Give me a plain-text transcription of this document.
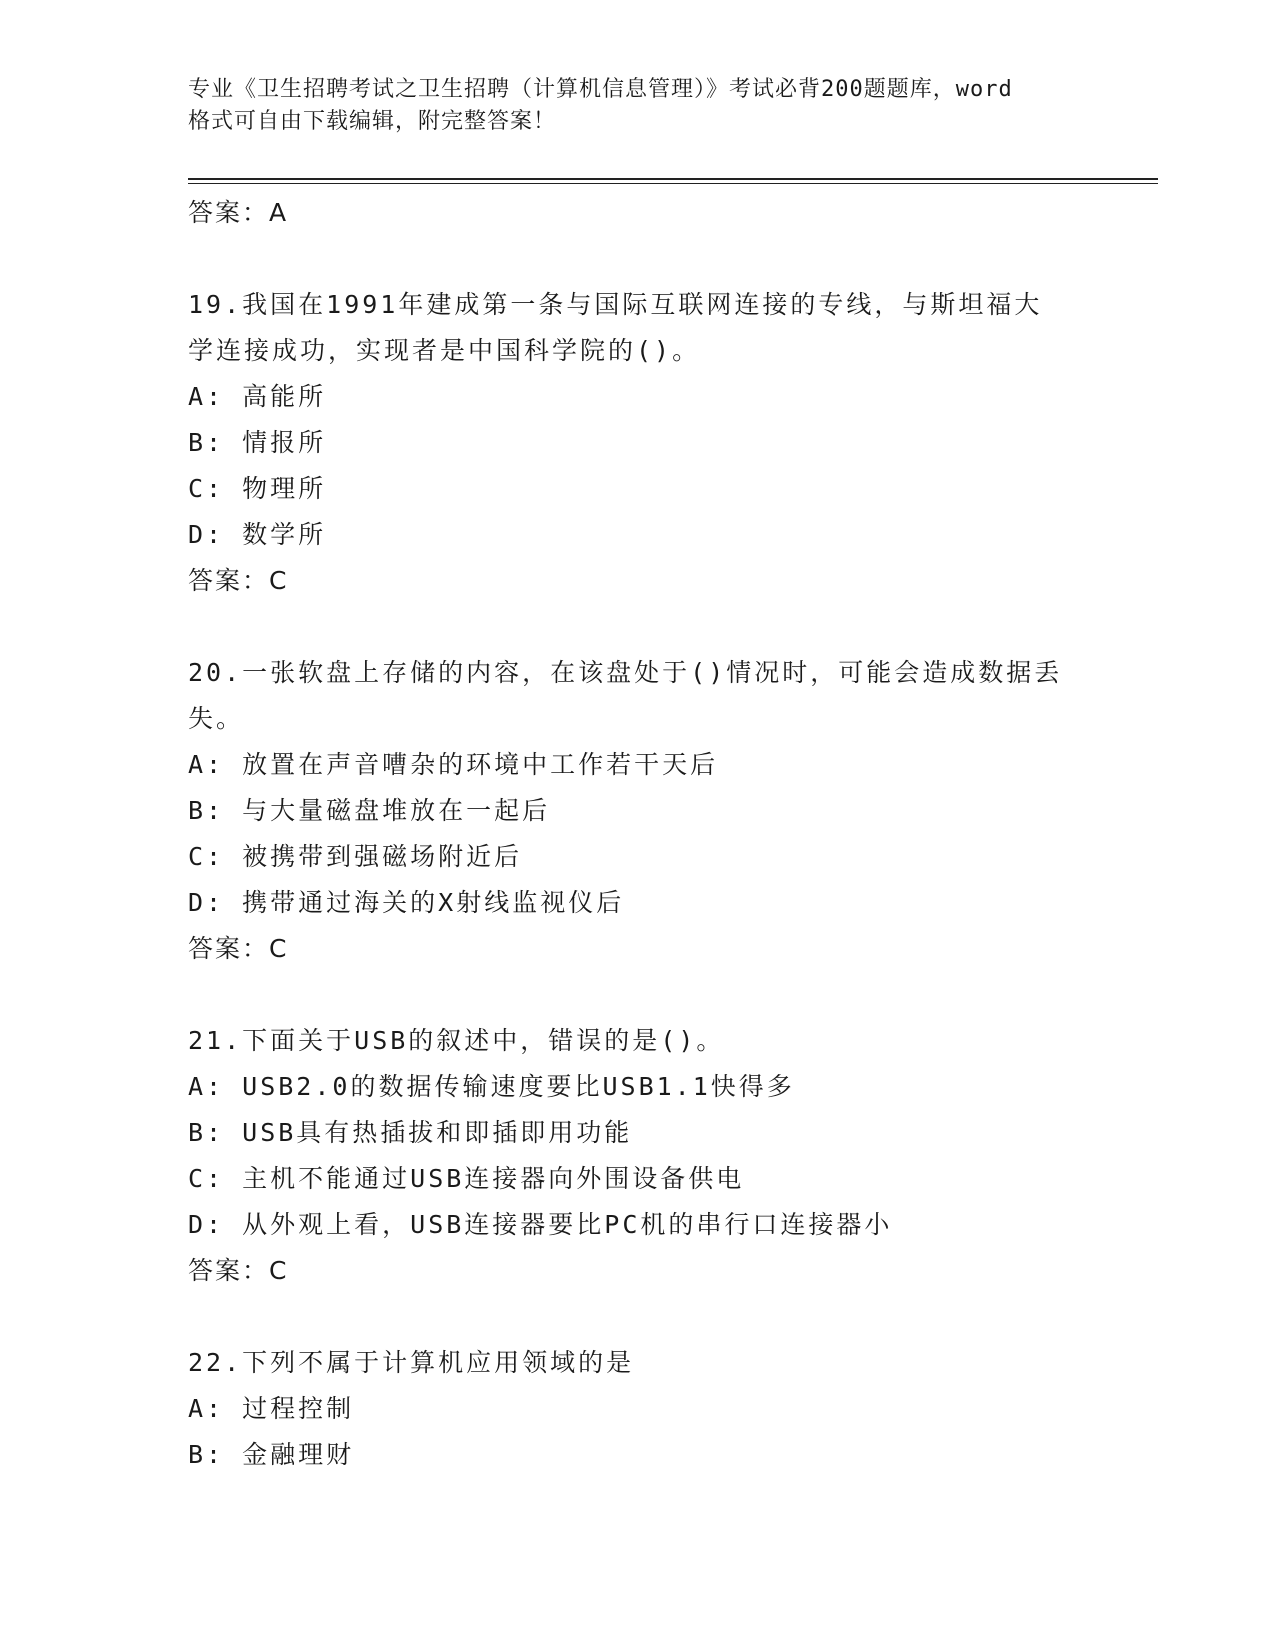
专业《卫生招聘考试之卫生招聘（计算机信息管理）》考试必背200题题库，word
格式可自由下载编辑，附完整答案！
答案：A
19.我国在1991年建成第一条与国际互联网连接的专线，与斯坦福大
学连接成功，实现者是中国科学院的()。
A: 高能所
B: 情报所
C: 物理所
D: 数学所
答案：C
20.一张软盘上存储的内容，在该盘处于()情况时，可能会造成数据丢
失。
A: 放置在声音嘈杂的环境中工作若干天后
B: 与大量磁盘堆放在一起后
C: 被携带到强磁场附近后
D: 携带通过海关的X射线监视仪后
答案：C
21.下面关于USB的叙述中，错误的是()。
A: USB2.0的数据传输速度要比USB1.1快得多
B: USB具有热插拔和即插即用功能
C: 主机不能通过USB连接器向外围设备供电
D: 从外观上看，USB连接器要比PC机的串行口连接器小
答案：C
22.下列不属于计算机应用领域的是
A: 过程控制
B: 金融理财
